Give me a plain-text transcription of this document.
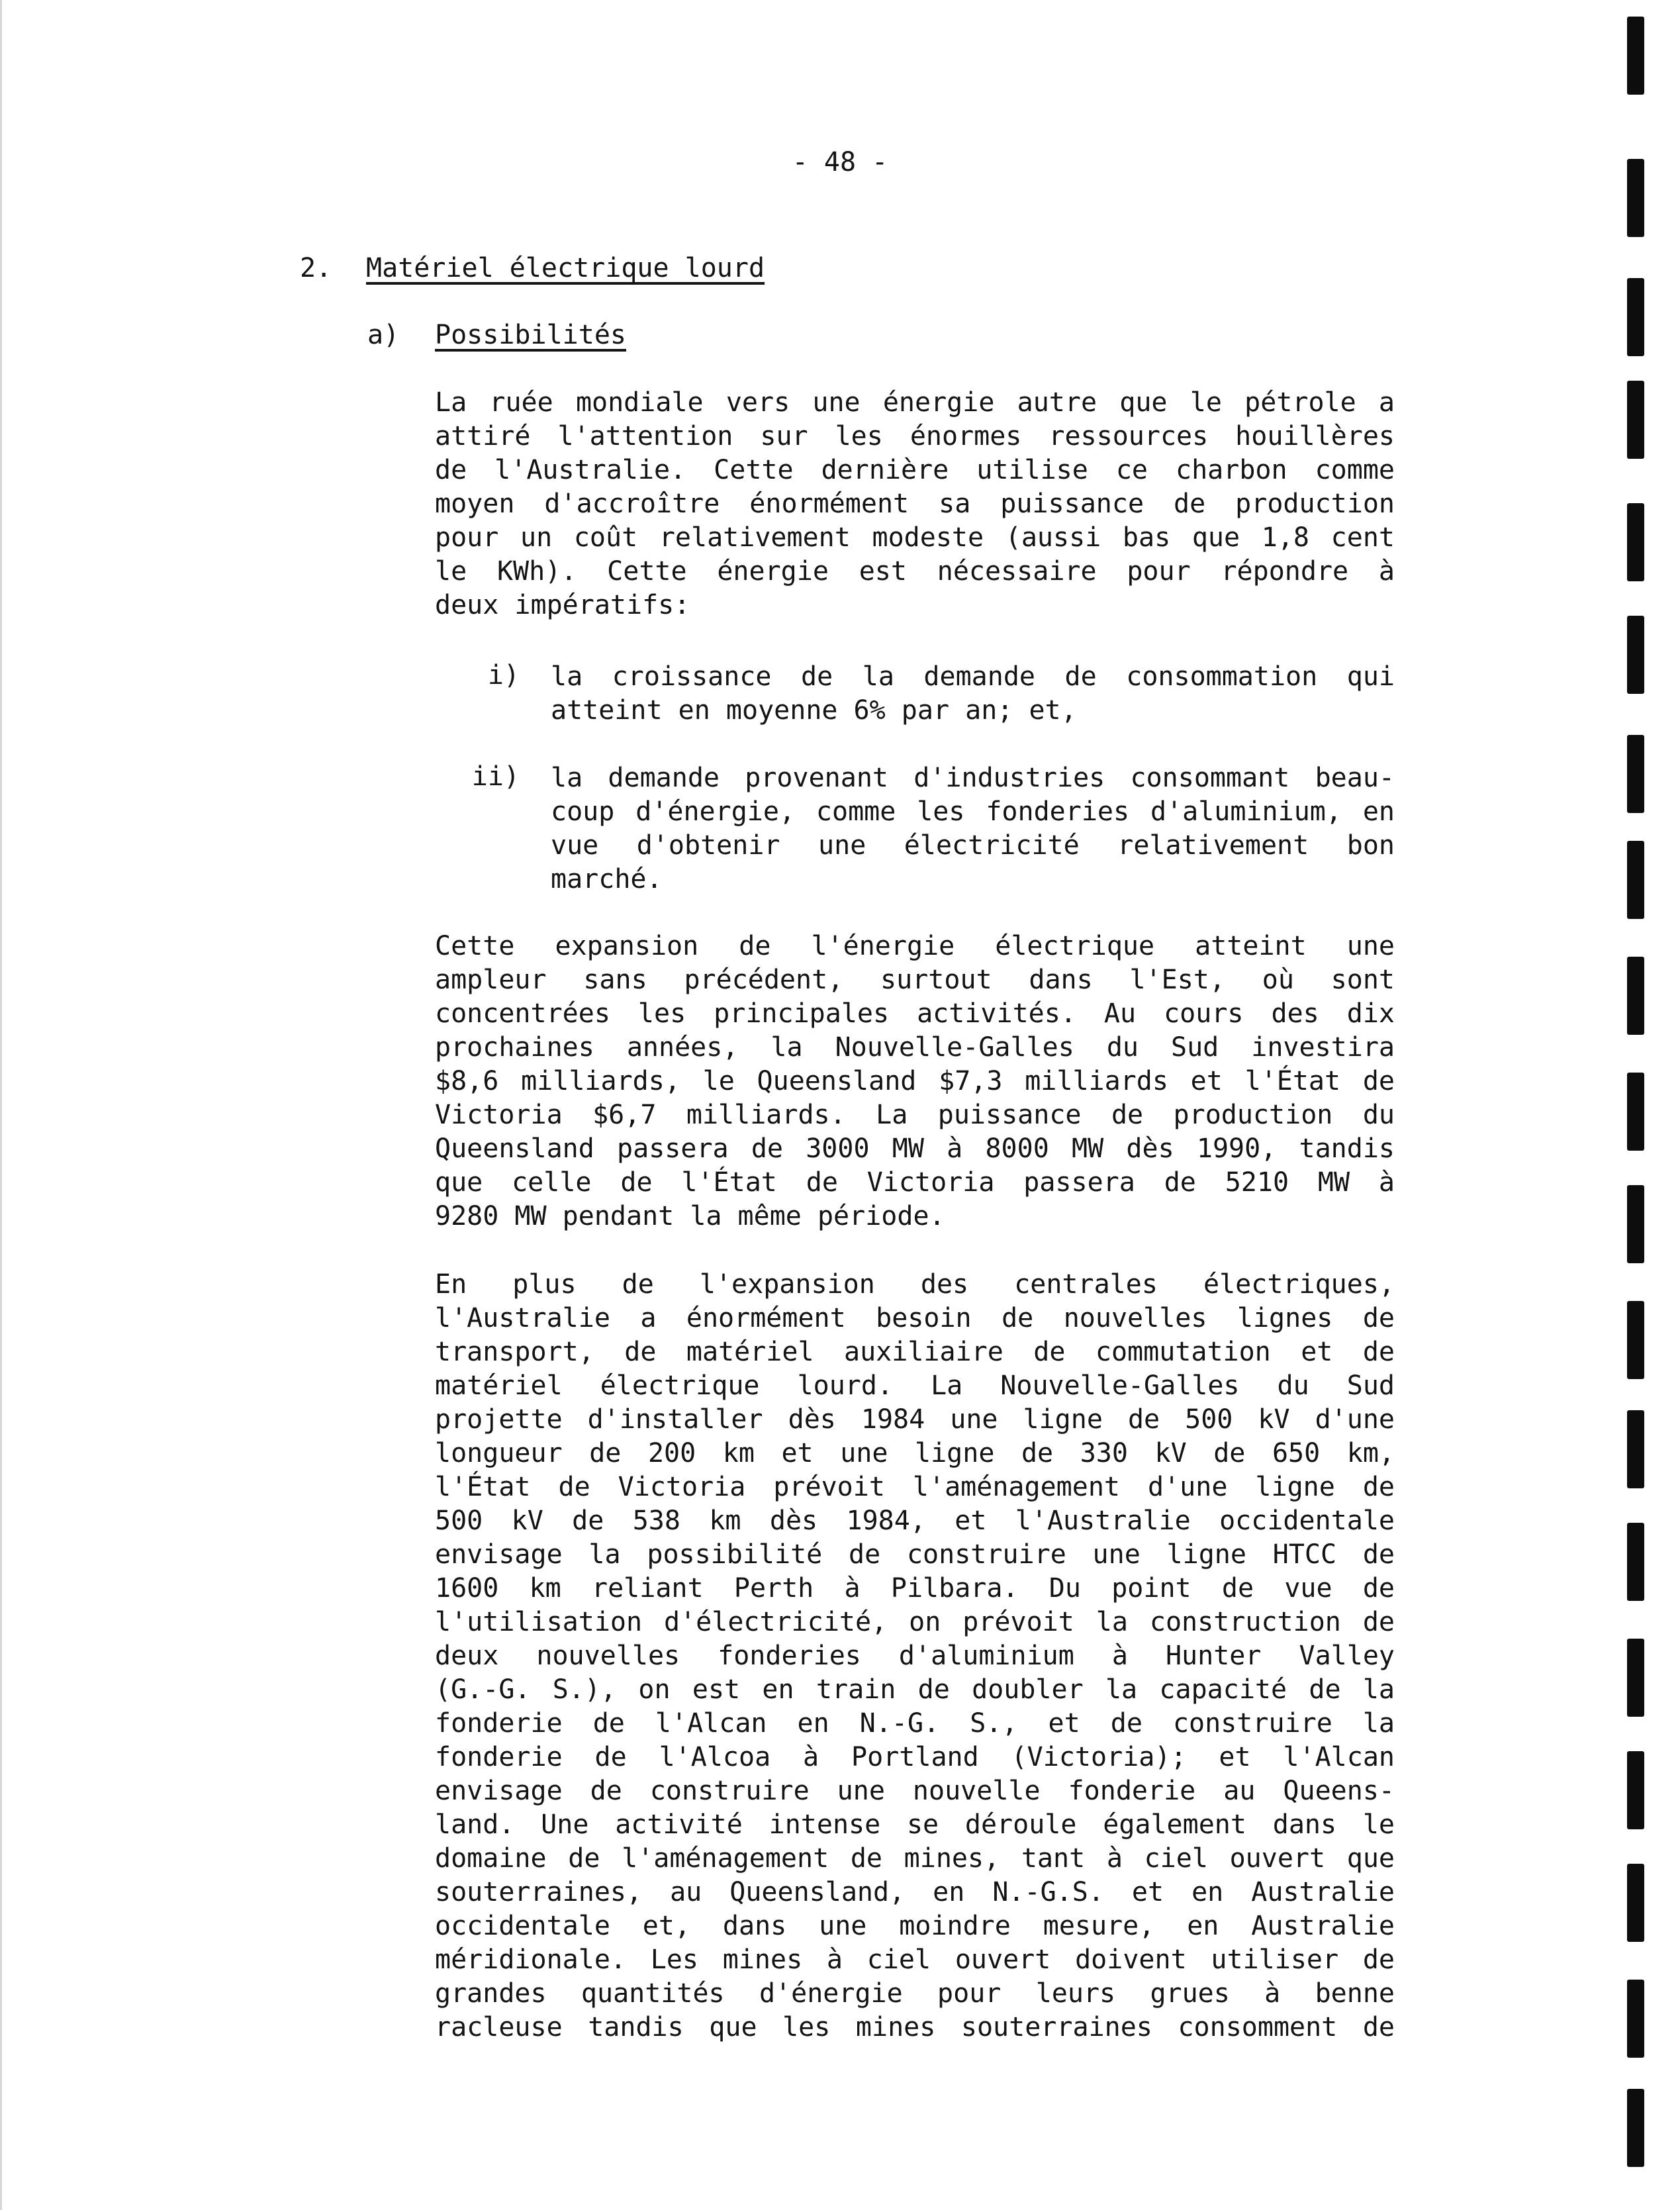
- 48 -
2. Matériel électrique lourd
a) Possibilités
La ruée mondiale vers une énergie autre que le pétrole a
attiré l'attention sur les énormes ressources houillères
de l'Australie. Cette dernière utilise ce charbon comme
moyen d'accroître énormément sa puissance de production
pour un coût relativement modeste (aussi bas que 1,8 cent
le KWh). Cette énergie est nécessaire pour répondre à
deux impératifs:
i) la croissance de la demande de consommation qui
atteint en moyenne 6% par an; et,
ii) la demande provenant d'industries consommant beau-
coup d'énergie, comme les fonderies d'aluminium, en
vue d'obtenir une électricité relativement bon
marché.
Cette expansion de l'énergie électrique atteint une
ampleur sans précédent, surtout dans l'Est, où sont
concentrées les principales activités. Au cours des dix
prochaines années, la Nouvelle-Galles du Sud investira
$8,6 milliards, le Queensland $7,3 milliards et l'État de
Victoria $6,7 milliards. La puissance de production du
Queensland passera de 3000 MW à 8000 MW dès 1990, tandis
que celle de l'État de Victoria passera de 5210 MW à
9280 MW pendant la même période.
En plus de l'expansion des centrales électriques,
l'Australie a énormément besoin de nouvelles lignes de
transport, de matériel auxiliaire de commutation et de
matériel électrique lourd. La Nouvelle-Galles du Sud
projette d'installer dès 1984 une ligne de 500 kV d'une
longueur de 200 km et une ligne de 330 kV de 650 km,
l'État de Victoria prévoit l'aménagement d'une ligne de
500 kV de 538 km dès 1984, et l'Australie occidentale
envisage la possibilité de construire une ligne HTCC de
1600 km reliant Perth à Pilbara. Du point de vue de
l'utilisation d'électricité, on prévoit la construction de
deux nouvelles fonderies d'aluminium à Hunter Valley
(G.-G. S.), on est en train de doubler la capacité de la
fonderie de l'Alcan en N.-G. S., et de construire la
fonderie de l'Alcoa à Portland (Victoria); et l'Alcan
envisage de construire une nouvelle fonderie au Queens-
land. Une activité intense se déroule également dans le
domaine de l'aménagement de mines, tant à ciel ouvert que
souterraines, au Queensland, en N.-G.S. et en Australie
occidentale et, dans une moindre mesure, en Australie
méridionale. Les mines à ciel ouvert doivent utiliser de
grandes quantités d'énergie pour leurs grues à benne
racleuse tandis que les mines souterraines consomment de
